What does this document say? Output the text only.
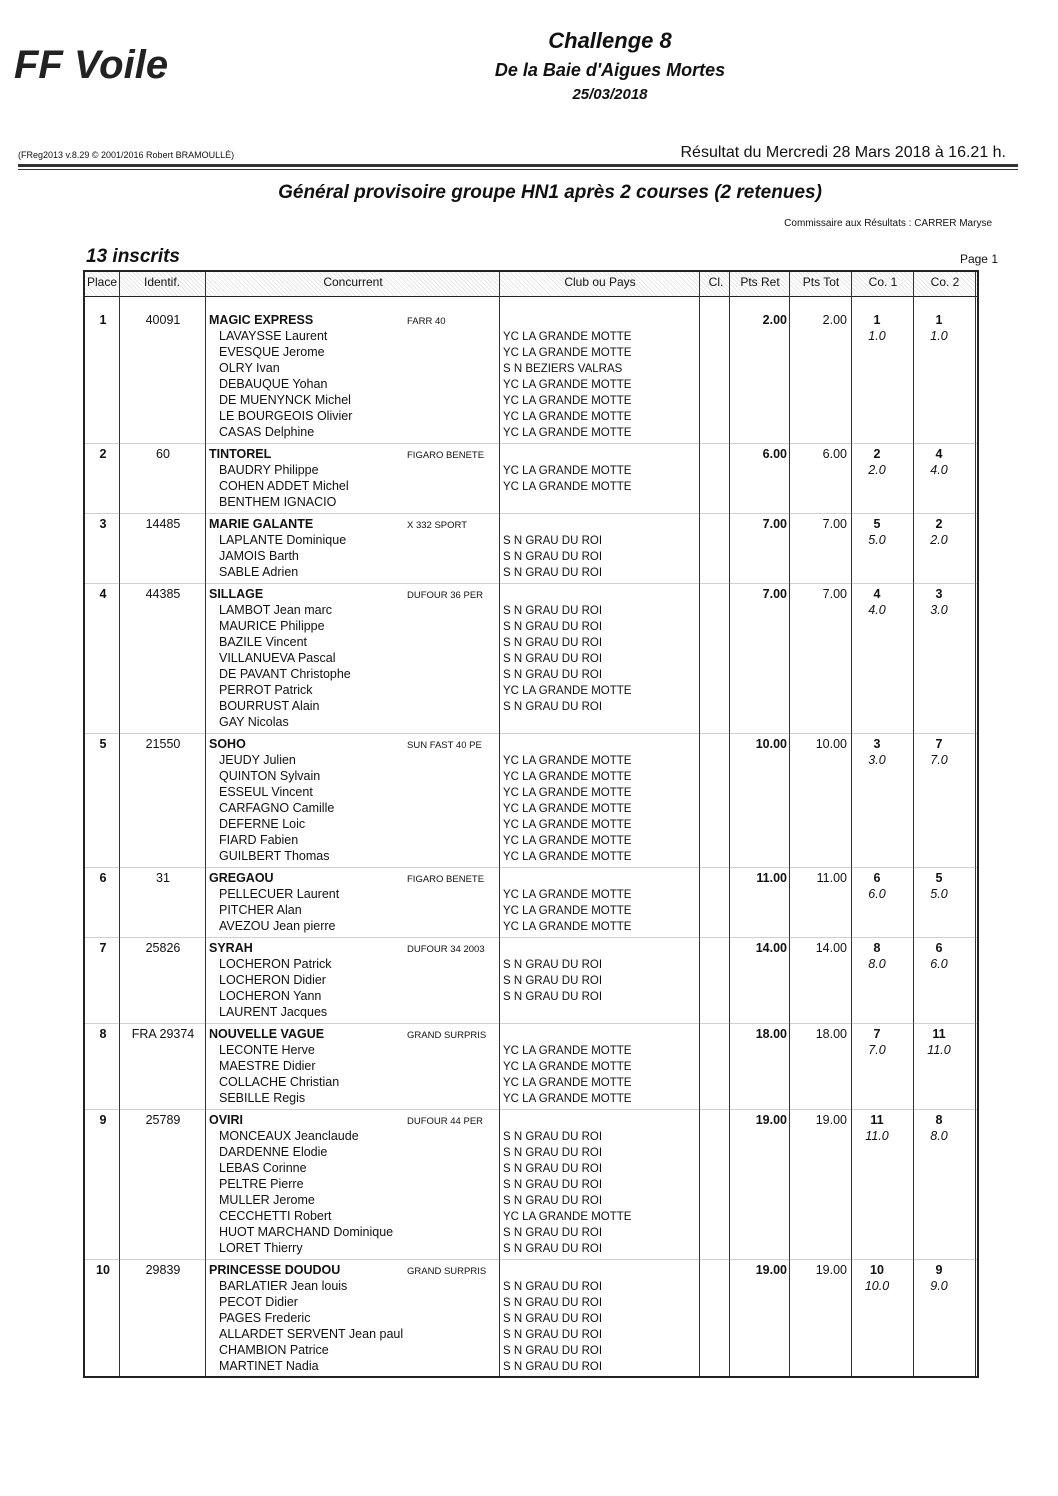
FF Voile
Challenge 8
De la Baie d'Aigues Mortes
25/03/2018
(FReg2013 v.8.29 © 2001/2016 Robert BRAMOULLÉ)	Résultat du Mercredi 28 Mars 2018 à 16.21 h.
Général provisoire groupe HN1 après 2 courses (2 retenues)
Commissaire aux Résultats : CARRER Maryse
13 inscrits	Page 1
Place	Identif.	Concurrent	Club ou Pays	Cl.	Pts Ret	Pts Tot	Co. 1	Co. 2
1	40091	MAGIC EXPRESS	FARR 40	2.00	2.00	1	1
1.0	1.0
LAVAYSSE Laurent	YC LA GRANDE MOTTE
EVESQUE Jerome	YC LA GRANDE MOTTE
OLRY Ivan	S N BEZIERS VALRAS
DEBAUQUE Yohan	YC LA GRANDE MOTTE
DE MUENYNCK Michel	YC LA GRANDE MOTTE
LE BOURGEOIS Olivier	YC LA GRANDE MOTTE
CASAS Delphine	YC LA GRANDE MOTTE
2	60	TINTOREL	FIGARO BENETE	6.00	6.00	2	4
2.0	4.0
BAUDRY Philippe	YC LA GRANDE MOTTE
COHEN ADDET Michel	YC LA GRANDE MOTTE
BENTHEM IGNACIO
3	14485	MARIE GALANTE	X 332 SPORT	7.00	7.00	5	2
5.0	2.0
LAPLANTE Dominique	S N GRAU DU ROI
JAMOIS Barth	S N GRAU DU ROI
SABLE Adrien	S N GRAU DU ROI
4	44385	SILLAGE	DUFOUR 36 PER	7.00	7.00	4	3
4.0	3.0
LAMBOT Jean marc	S N GRAU DU ROI
MAURICE Philippe	S N GRAU DU ROI
BAZILE Vincent	S N GRAU DU ROI
VILLANUEVA Pascal	S N GRAU DU ROI
DE PAVANT Christophe	S N GRAU DU ROI
PERROT Patrick	YC LA GRANDE MOTTE
BOURRUST Alain	S N GRAU DU ROI
GAY Nicolas
5	21550	SOHO	SUN FAST 40 PE	10.00	10.00	3	7
3.0	7.0
JEUDY Julien	YC LA GRANDE MOTTE
QUINTON Sylvain	YC LA GRANDE MOTTE
ESSEUL Vincent	YC LA GRANDE MOTTE
CARFAGNO Camille	YC LA GRANDE MOTTE
DEFERNE Loic	YC LA GRANDE MOTTE
FIARD Fabien	YC LA GRANDE MOTTE
GUILBERT Thomas	YC LA GRANDE MOTTE
6	31	GREGAOU	FIGARO BENETE	11.00	11.00	6	5
6.0	5.0
PELLECUER Laurent	YC LA GRANDE MOTTE
PITCHER Alan	YC LA GRANDE MOTTE
AVEZOU Jean pierre	YC LA GRANDE MOTTE
7	25826	SYRAH	DUFOUR 34 2003	14.00	14.00	8	6
8.0	6.0
LOCHERON Patrick	S N GRAU DU ROI
LOCHERON Didier	S N GRAU DU ROI
LOCHERON Yann	S N GRAU DU ROI
LAURENT Jacques
8	FRA 29374	NOUVELLE VAGUE	GRAND SURPRIS	18.00	18.00	7	11
7.0	11.0
LECONTE Herve	YC LA GRANDE MOTTE
MAESTRE Didier	YC LA GRANDE MOTTE
COLLACHE Christian	YC LA GRANDE MOTTE
SEBILLE Regis	YC LA GRANDE MOTTE
9	25789	OVIRI	DUFOUR 44 PER	19.00	19.00	11	8
11.0	8.0
MONCEAUX Jeanclaude	S N GRAU DU ROI
DARDENNE Elodie	S N GRAU DU ROI
LEBAS Corinne	S N GRAU DU ROI
PELTRE Pierre	S N GRAU DU ROI
MULLER Jerome	S N GRAU DU ROI
CECCHETTI Robert	YC LA GRANDE MOTTE
HUOT MARCHAND Dominique	S N GRAU DU ROI
LORET Thierry	S N GRAU DU ROI
10	29839	PRINCESSE DOUDOU	GRAND SURPRIS	19.00	19.00	10	9
10.0	9.0
BARLATIER Jean louis	S N GRAU DU ROI
PECOT Didier	S N GRAU DU ROI
PAGES Frederic	S N GRAU DU ROI
ALLARDET SERVENT Jean paul	S N GRAU DU ROI
CHAMBION Patrice	S N GRAU DU ROI
MARTINET Nadia	S N GRAU DU ROI
